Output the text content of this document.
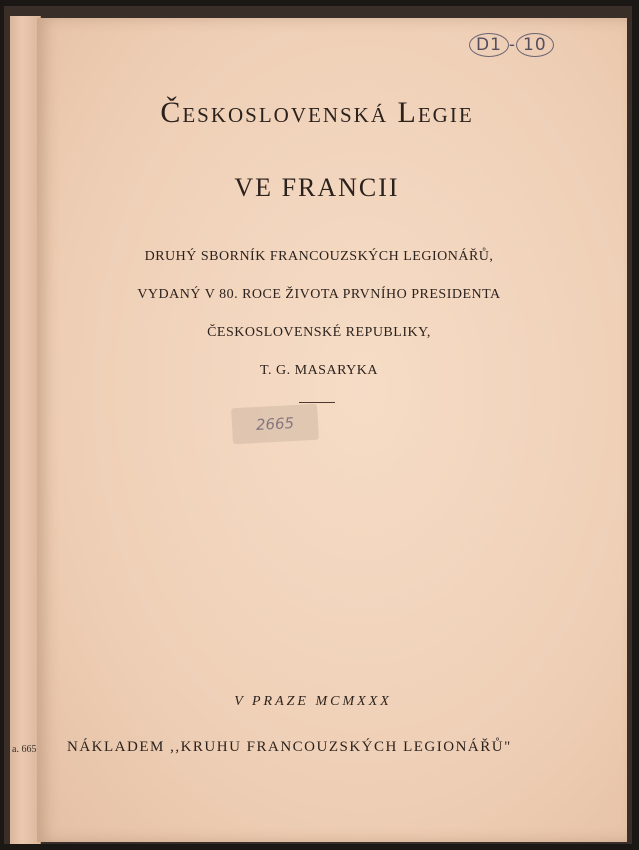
a. 665
D1 - 10
Československá Legie
VE FRANCII
DRUHÝ SBORNÍK FRANCOUZSKÝCH LEGIONÁŘŮ,
VYDANÝ V 80. ROCE ŽIVOTA PRVNÍHO PRESIDENTA
ČESKOSLOVENSKÉ REPUBLIKY,
T. G. MASARYKA
2665
V PRAZE MCMXXX
NÁKLADEM ,,KRUHU FRANCOUZSKÝCH LEGIONÁŘŮ"
